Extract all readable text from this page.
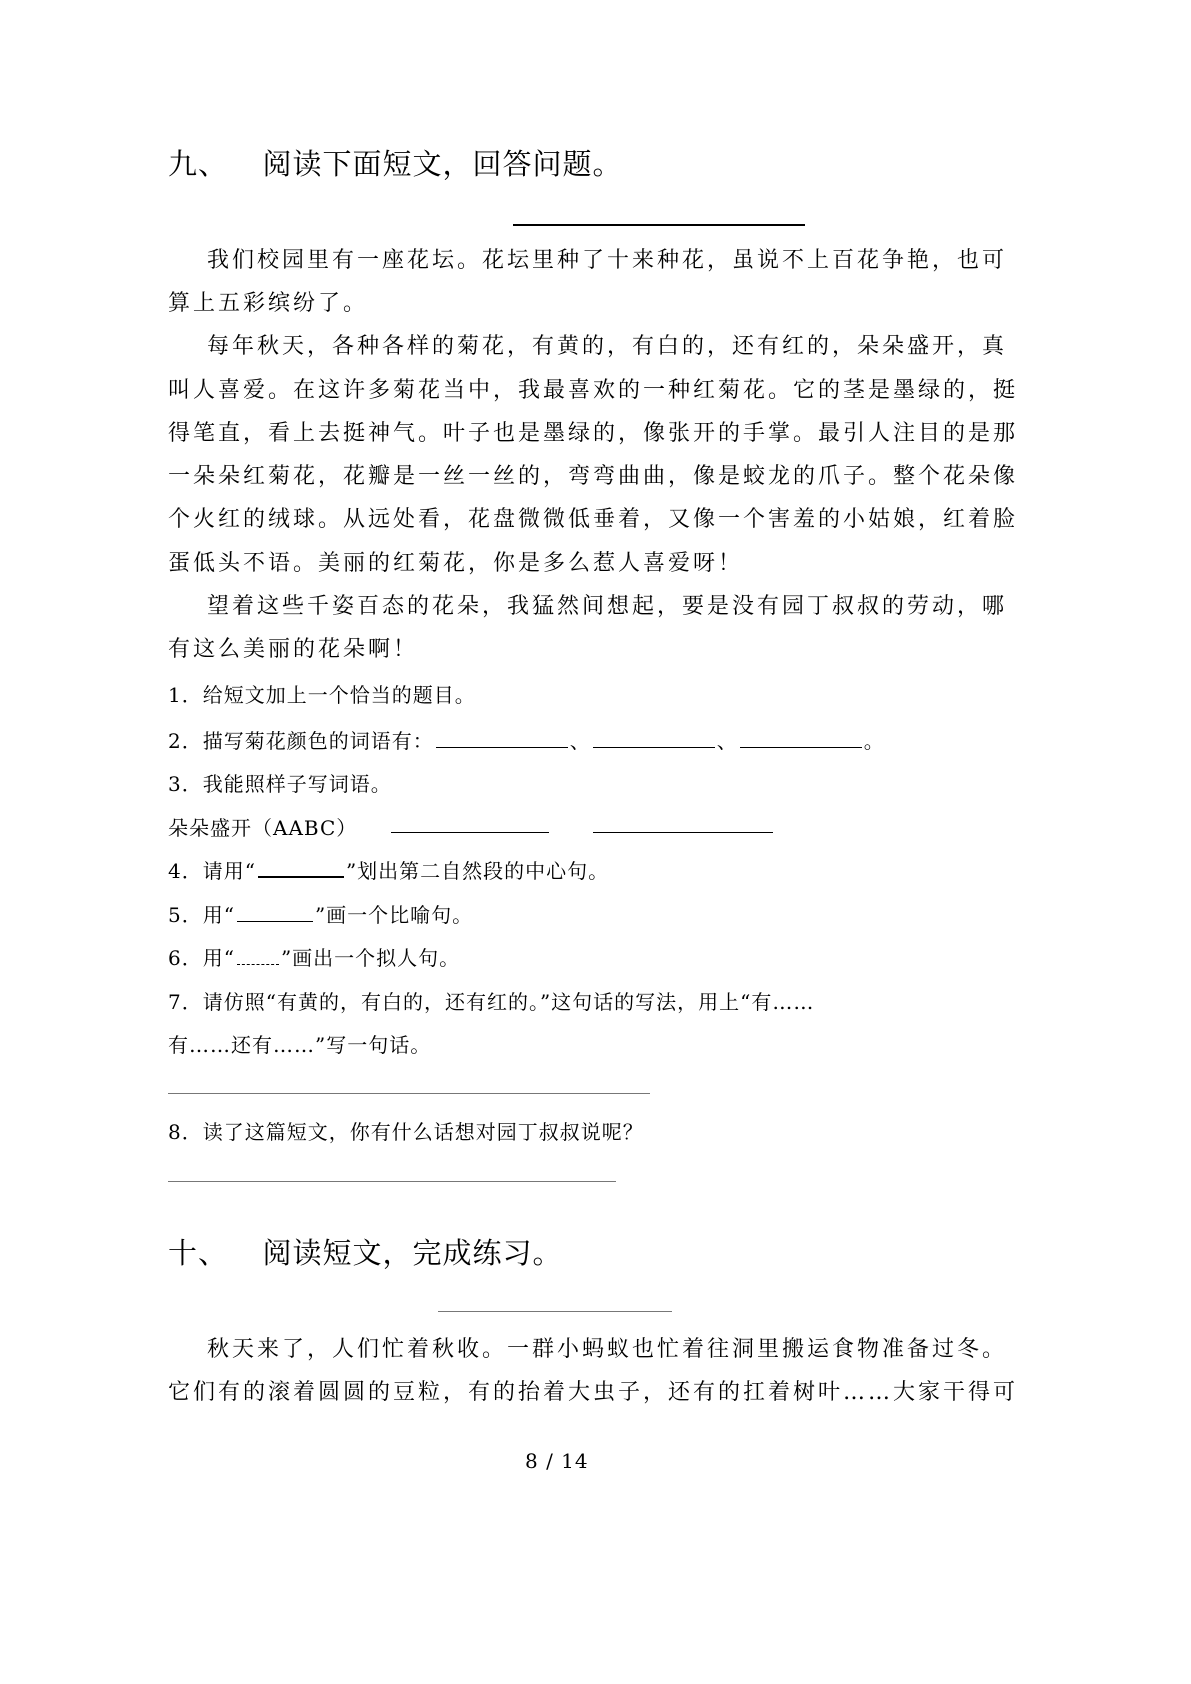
九、 阅读下面短文，回答问题。
我们校园里有一座花坛。花坛里种了十来种花，虽说不上百花争艳，也可
算上五彩缤纷了。
每年秋天，各种各样的菊花，有黄的，有白的，还有红的，朵朵盛开，真
叫人喜爱。在这许多菊花当中，我最喜欢的一种红菊花。它的茎是墨绿的，挺
得笔直，看上去挺神气。叶子也是墨绿的，像张开的手掌。最引人注目的是那
一朵朵红菊花，花瓣是一丝一丝的，弯弯曲曲，像是蛟龙的爪子。整个花朵像
个火红的绒球。从远处看，花盘微微低垂着，又像一个害羞的小姑娘，红着脸
蛋低头不语。美丽的红菊花，你是多么惹人喜爱呀！
望着这些千姿百态的花朵，我猛然间想起，要是没有园丁叔叔的劳动，哪
有这么美丽的花朵啊！
1．给短文加上一个恰当的题目。
2．描写菊花颜色的词语有：	、	、	。
3．我能照样子写词语。
朵朵盛开（AABC）
4．请用“	”划出第二自然段的中心句。
5．用“	”画一个比喻句。
6．用“ ”画出一个拟人句。
7．请仿照“有黄的，有白的，还有红的。”这句话的写法，用上“有……
有……还有……”写一句话。
8．读了这篇短文，你有什么话想对园丁叔叔说呢？
十、 阅读短文，完成练习。
秋天来了，人们忙着秋收。一群小蚂蚁也忙着往洞里搬运食物准备过冬。
它们有的滚着圆圆的豆粒，有的抬着大虫子，还有的扛着树叶……大家干得可
8 / 14
